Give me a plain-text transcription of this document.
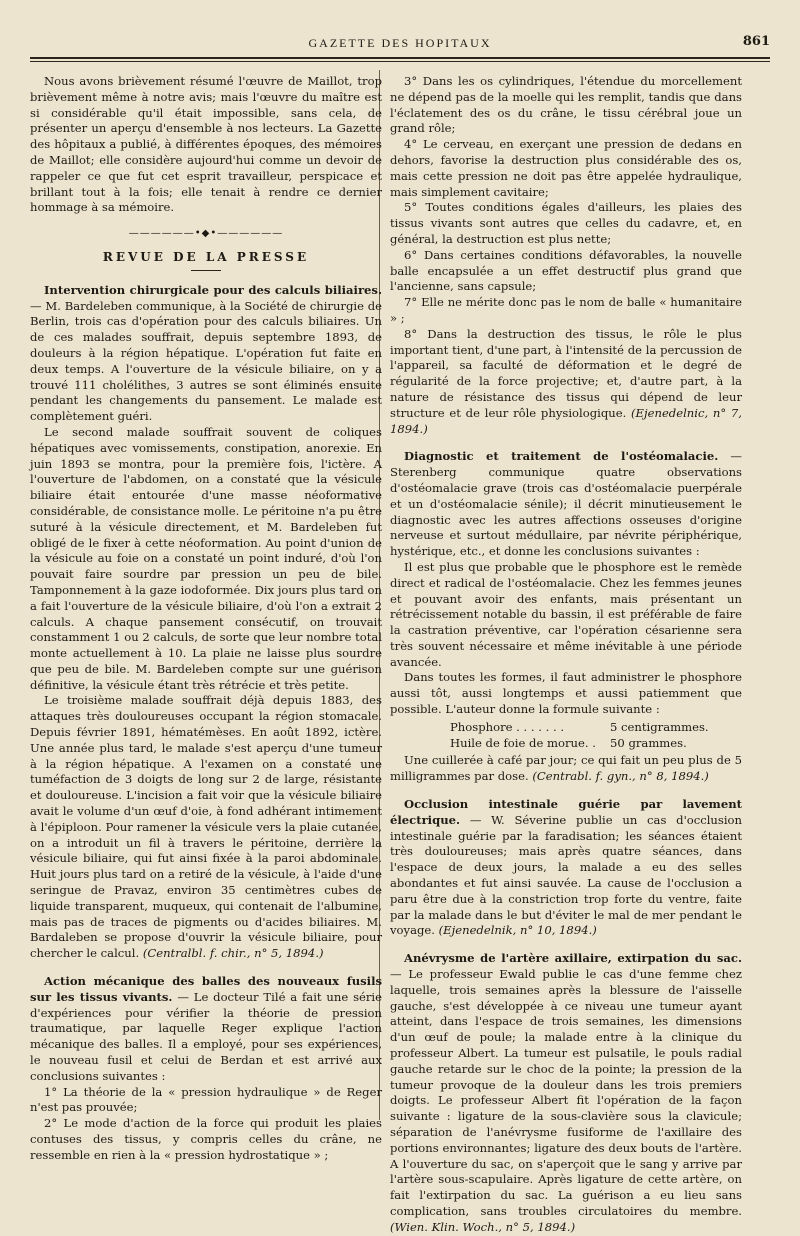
GAZETTE DES HOPITAUX	861

Nous avons brièvement résumé l'œuvre de Maillot, trop brièvement même à notre avis; mais l'œuvre du maître est si considérable qu'il était impossible, sans cela, de présenter un aperçu d'ensemble à nos lecteurs. La Gazette des hôpitaux a publié, à différentes époques, des mémoires de Maillot; elle considère aujourd'hui comme un devoir de rappeler ce que fut cet esprit travailleur, perspicace et brillant tout à la fois; elle tenait à rendre ce dernier hommage à sa mémoire.

——————•◆•——————
REVUE DE LA PRESSE

Intervention chirurgicale pour des calculs biliaires. — M. Bardeleben communique, à la Société de chirurgie de Berlin, trois cas d'opération pour des calculs biliaires. Un de ces malades souffrait, depuis septembre 1893, de douleurs à la région hépatique. L'opération fut faite en deux temps. A l'ouverture de la vésicule biliaire, on y a trouvé 111 cholélithes, 3 autres se sont éliminés ensuite pendant les changements du pansement. Le malade est complètement guéri.

Le second malade souffrait souvent de coliques hépatiques avec vomissements, constipation, anorexie. En juin 1893 se montra, pour la première fois, l'ictère. A l'ouverture de l'abdomen, on a constaté que la vésicule biliaire était entourée d'une masse néoformative considérable, de consistance molle. Le péritoine n'a pu être suturé à la vésicule directement, et M. Bardeleben fut obligé de le fixer à cette néoformation. Au point d'union de la vésicule au foie on a constaté un point induré, d'où l'on pouvait faire sourdre par pression un peu de bile. Tamponnement à la gaze iodoformée. Dix jours plus tard on a fait l'ouverture de la vésicule biliaire, d'où l'on a extrait 2 calculs. A chaque pansement consécutif, on trouvait constamment 1 ou 2 calculs, de sorte que leur nombre total monte actuellement à 10. La plaie ne laisse plus sourdre que peu de bile. M. Bardeleben compte sur une guérison définitive, la vésicule étant très rétrécie et très petite.

Le troisième malade souffrait déjà depuis 1883, des attaques très douloureuses occupant la région stomacale. Depuis février 1891, hématémèses. En août 1892, ictère. Une année plus tard, le malade s'est aperçu d'une tumeur à la région hépatique. A l'examen on a constaté une tuméfaction de 3 doigts de long sur 2 de large, résistante et douloureuse. L'incision a fait voir que la vésicule biliaire avait le volume d'un œuf d'oie, à fond adhérant intimement à l'épiploon. Pour ramener la vésicule vers la plaie cutanée, on a introduit un fil à travers le péritoine, derrière la vésicule biliaire, qui fut ainsi fixée à la paroi abdominale. Huit jours plus tard on a retiré de la vésicule, à l'aide d'une seringue de Pravaz, environ 35 centimètres cubes de liquide transparent, muqueux, qui contenait de l'albumine, mais pas de traces de pigments ou d'acides biliaires. M. Bardaleben se propose d'ouvrir la vésicule biliaire, pour chercher le calcul. (Centralbl. f. chir., n° 5, 1894.)

Action mécanique des balles des nouveaux fusils sur les tissus vivants. — Le docteur Tilé a fait une série d'expériences pour vérifier la théorie de pression traumatique, par laquelle Reger explique l'action mécanique des balles. Il a employé, pour ses expériences, le nouveau fusil et celui de Berdan et est arrivé aux conclusions suivantes :

1° La théorie de la « pression hydraulique » de Reger n'est pas prouvée;

2° Le mode d'action de la force qui produit les plaies contuses des tissus, y compris celles du crâne, ne ressemble en rien à la « pression hydrostatique » ;

3° Dans les os cylindriques, l'étendue du morcellement ne dépend pas de la moelle qui les remplit, tandis que dans l'éclatement des os du crâne, le tissu cérébral joue un grand rôle;

4° Le cerveau, en exerçant une pression de dedans en dehors, favorise la destruction plus considérable des os, mais cette pression ne doit pas être appelée hydraulique, mais simplement cavitaire;

5° Toutes conditions égales d'ailleurs, les plaies des tissus vivants sont autres que celles du cadavre, et, en général, la destruction est plus nette;

6° Dans certaines conditions défavorables, la nouvelle balle encapsulée a un effet destructif plus grand que l'ancienne, sans capsule;

7° Elle ne mérite donc pas le nom de balle « humanitaire » ;

8° Dans la destruction des tissus, le rôle le plus important tient, d'une part, à l'intensité de la percussion de l'appareil, sa faculté de déformation et le degré de régularité de la force projective; et, d'autre part, à la nature de résistance des tissus qui dépend de leur structure et de leur rôle physiologique. (Ejenedelnic, n° 7, 1894.)

Diagnostic et traitement de l'ostéomalacie. — Sterenberg communique quatre observations d'ostéomalacie grave (trois cas d'ostéomalacie puerpérale et un d'ostéomalacie sénile); il décrit minutieusement le diagnostic avec les autres affections osseuses d'origine nerveuse et surtout médullaire, par névrite périphérique, hystérique, etc., et donne les conclusions suivantes :

Il est plus que probable que le phosphore est le remède direct et radical de l'ostéomalacie. Chez les femmes jeunes et pouvant avoir des enfants, mais présentant un rétrécissement notable du bassin, il est préférable de faire la castration préventive, car l'opération césarienne sera très souvent nécessaire et même inévitable à une période avancée.

Dans toutes les formes, il faut administrer le phosphore aussi tôt, aussi longtemps et aussi patiemment que possible. L'auteur donne la formule suivante :

Phosphore . . . . . . .	5 centigrammes.
Huile de foie de morue. .	50 grammes.

Une cuillerée à café par jour; ce qui fait un peu plus de 5 milligrammes par dose. (Centrabl. f. gyn., n° 8, 1894.)

Occlusion intestinale guérie par lavement électrique. — W. Séverine publie un cas d'occlusion intestinale guérie par la faradisation; les séances étaient très douloureuses; mais après quatre séances, dans l'espace de deux jours, la malade a eu des selles abondantes et fut ainsi sauvée. La cause de l'occlusion a paru être due à la constriction trop forte du ventre, faite par la malade dans le but d'éviter le mal de mer pendant le voyage. (Ejenedelnik, n° 10, 1894.)

Anévrysme de l'artère axillaire, extirpation du sac. — Le professeur Ewald publie le cas d'une femme chez laquelle, trois semaines après la blessure de l'aisselle gauche, s'est développée à ce niveau une tumeur ayant atteint, dans l'espace de trois semaines, les dimensions d'un œuf de poule; la malade entre à la clinique du professeur Albert. La tumeur est pulsatile, le pouls radial gauche retarde sur le choc de la pointe; la pression de la tumeur provoque de la douleur dans les trois premiers doigts. Le professeur Albert fit l'opération de la façon suivante : ligature de la sous-clavière sous la clavicule; séparation de l'anévrysme fusiforme de l'axillaire des portions environnantes; ligature des deux bouts de l'artère. A l'ouverture du sac, on s'aperçoit que le sang y arrive par l'artère sous-scapulaire. Après ligature de cette artère, on fait l'extirpation du sac. La guérison a eu lieu sans complication, sans troubles circulatoires du membre. (Wien. Klin. Woch., n° 5, 1894.)
